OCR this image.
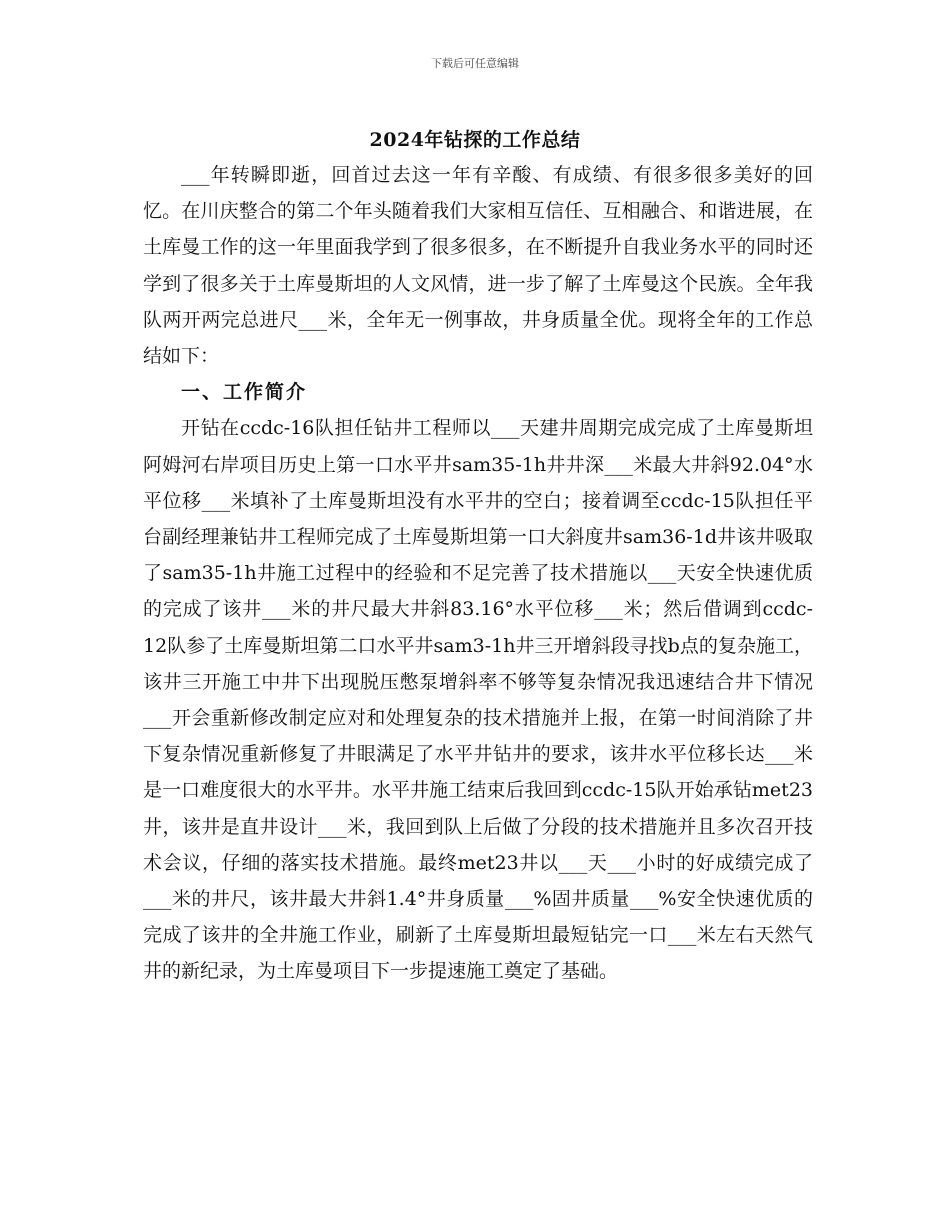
下载后可任意编辑
2024年钻探的工作总结

___年转瞬即逝，回首过去这一年有辛酸、有成绩、有很多很多美好的回忆。在川庆整合的第二个年头随着我们大家相互信任、互相融合、和谐进展，在土库曼工作的这一年里面我学到了很多很多，在不断提升自我业务水平的同时还学到了很多关于土库曼斯坦的人文风情，进一步了解了土库曼这个民族。全年我队两开两完总进尺___米，全年无一例事故，井身质量全优。现将全年的工作总结如下：

一、工作简介

开钻在ccdc-16队担任钻井工程师以___天建井周期完成完成了土库曼斯坦阿姆河右岸项目历史上第一口水平井sam35-1h井井深___米最大井斜92.04°水平位移___米填补了土库曼斯坦没有水平井的空白；接着调至ccdc-15队担任平台副经理兼钻井工程师完成了土库曼斯坦第一口大斜度井sam36-1d井该井吸取了sam35-1h井施工过程中的经验和不足完善了技术措施以___天安全快速优质的完成了该井___米的井尺最大井斜83.16°水平位移___米；然后借调到ccdc-12队参了土库曼斯坦第二口水平井sam3-1h井三开增斜段寻找b点的复杂施工，该井三开施工中井下出现脱压憋泵增斜率不够等复杂情况我迅速结合井下情况___开会重新修改制定应对和处理复杂的技术措施并上报，在第一时间消除了井下复杂情况重新修复了井眼满足了水平井钻井的要求，该井水平位移长达___米是一口难度很大的水平井。水平井施工结束后我回到ccdc-15队开始承钻met23井，该井是直井设计___米，我回到队上后做了分段的技术措施并且多次召开技术会议，仔细的落实技术措施。最终met23井以___天___小时的好成绩完成了___米的井尺，该井最大井斜1.4°井身质量___%固井质量___%安全快速优质的完成了该井的全井施工作业，刷新了土库曼斯坦最短钻完一口___米左右天然气井的新纪录，为土库曼项目下一步提速施工奠定了基础。
